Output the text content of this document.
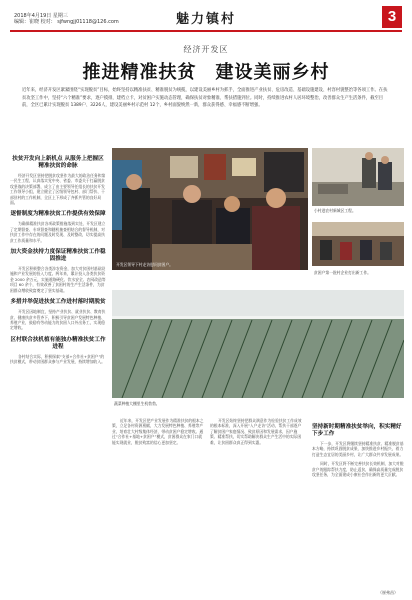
2018年4月19日 星期三
编辑：崔晓 校对： sjfwngjj01118@126.com	魅力镇村	3
经济开发区
推进精准扶贫　建设美丽乡村
近年来，经济开发区紧紧围绕“实现脱贫”目标，始终坚持以精准扶贫、精准脱贫为统揽，以建设美丽乡村为抓手，全面推进产业扶贫、危房改造、基础设施建设、村容村貌整治等各项工作。在扶贫攻坚工作中，坚持“六个精准”要求，逐户摸排，建档立卡，对贫困户实施动态管理，确保扶贫对象精准、帮扶措施到位。同时，持续推进农村人居环境整治，改善群众生产生活条件，截至目前，全区已累计实现脱贫 1389户、3226人，建设美丽乡村示范村 12个，乡村面貌焕然一新，群众获得感、幸福感不断增强。
扶贫开发向上新机点 从服务上把握区精准扶贫的命脉
经济开发区坚持把脱贫攻坚作为最大的政治任务和第一民生工程，认真落实党中央、省委、市委关于打赢脱贫攻坚战的决策部署，成立了由主要领导任组长的扶贫开发工作领导小组，建立健全了区级领导包村、部门帮扶、干部驻村的工作机制，全区上下形成了齐抓共管的良好局面。
逐督制度为精准扶贫工作提供有效保障
为确保精准扶贫各项政策措施落到实处，开发区建立了定期督查、专项督查和随机抽查相结合的督导机制，对扶贫工作中存在的问题及时发现、及时整改，切实提高扶贫工作质量和水平。
加大资金扶持力度保证精准扶贫工作稳固推进
开发区积极整合各类涉农资金，加大对贫困村基础设施和产业发展的投入力度。两年来，累计投入各类扶贫资金 2000 余万元，实施道路硬化、饮水安全、农网改造等项目 60 余个，有效改善了贫困村的生产生活条件，为贫困群众增收致富奠定了坚实基础。
多措并举促进扶贫工作进村落时期脱贫
开发区因地制宜，坚持产业扶贫、就业扶贫、教育扶贫、健康扶贫多管齐下，积极引导贫困户发展特色种植、养殖产业，鼓励有劳动能力的贫困人口外出务工，实现稳定增收。
区村联合扶机植有能独办精准扶贫工作进程
各村结合实际，积极探索“支部+合作社+贫困户”的扶贫模式，带动贫困群众参与产业发展，持续增加收入。
开发区领导下村走访慰问贫困户。
小村进农村新城区工程。
贫困户第一批村企业打出新工作。
蔬菜种植大棚里生机勃勃。
近年来，开发区把产业发展作为精准扶贫的根本之策，立足各村资源禀赋，大力发展特色种植、养殖等产业，培育壮大村级集体经济，带动贫困户稳定增收。通过“合作社+基地+贫困户”模式，贫困群众在家门口就能实现就业，脱贫致富的信心更加坚定。
开发区始终坚持把群众满意作为检验扶贫工作成效的根本标准，深入开展“入户走访”活动，帮扶干部逐户了解贫困户家庭情况、致贫原因和发展需求，因户施策、精准帮扶，切实帮助解决群众生产生活中的实际困难，让贫困群众真正得到实惠。
坚持新时期精准扶贫举向，积实精好下步工作
下一步，开发区将继续坚持精准扶贫、精准脱贫基本方略，持续巩固脱贫成果，加快推进乡村振兴，着力打造生态宜居的美丽乡村，让广大群众共享发展成果。
同时，开发区将不断完善扶贫长效机制，加大对脱贫户的跟踪帮扶力度，防止返贫，确保高质量完成脱贫攻坚任务，为全面建成小康社会作出新的更大贡献。
（崔弗昌）
